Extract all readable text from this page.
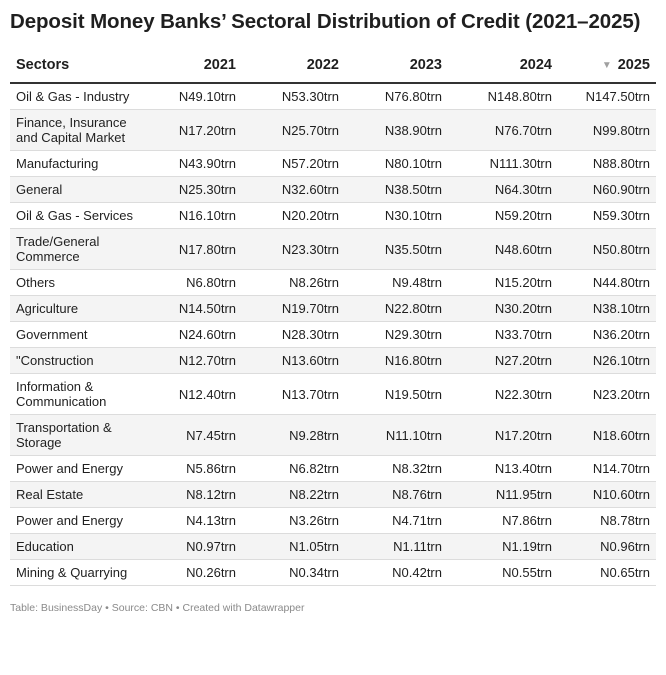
Deposit Money Banks’ Sectoral Distribution of Credit (2021–2025)
Sectors	2021	2022	2023	2024	▼ 2025
Oil & Gas - Industry	N49.10trn	N53.30trn	N76.80trn	N148.80trn	N147.50trn
Finance, Insurance and Capital Market	N17.20trn	N25.70trn	N38.90trn	N76.70trn	N99.80trn
Manufacturing	N43.90trn	N57.20trn	N80.10trn	N111.30trn	N88.80trn
General	N25.30trn	N32.60trn	N38.50trn	N64.30trn	N60.90trn
Oil & Gas - Services	N16.10trn	N20.20trn	N30.10trn	N59.20trn	N59.30trn
Trade/General Commerce	N17.80trn	N23.30trn	N35.50trn	N48.60trn	N50.80trn
Others	N6.80trn	N8.26trn	N9.48trn	N15.20trn	N44.80trn
Agriculture	N14.50trn	N19.70trn	N22.80trn	N30.20trn	N38.10trn
Government	N24.60trn	N28.30trn	N29.30trn	N33.70trn	N36.20trn
"Construction	N12.70trn	N13.60trn	N16.80trn	N27.20trn	N26.10trn
Information & Communication	N12.40trn	N13.70trn	N19.50trn	N22.30trn	N23.20trn
Transportation & Storage	N7.45trn	N9.28trn	N11.10trn	N17.20trn	N18.60trn
Power and Energy	N5.86trn	N6.82trn	N8.32trn	N13.40trn	N14.70trn
Real Estate	N8.12trn	N8.22trn	N8.76trn	N11.95trn	N10.60trn
Power and Energy	N4.13trn	N3.26trn	N4.71trn	N7.86trn	N8.78trn
Education	N0.97trn	N1.05trn	N1.11trn	N1.19trn	N0.96trn
Mining & Quarrying	N0.26trn	N0.34trn	N0.42trn	N0.55trn	N0.65trn
Table: BusinessDay • Source: CBN • Created with Datawrapper
